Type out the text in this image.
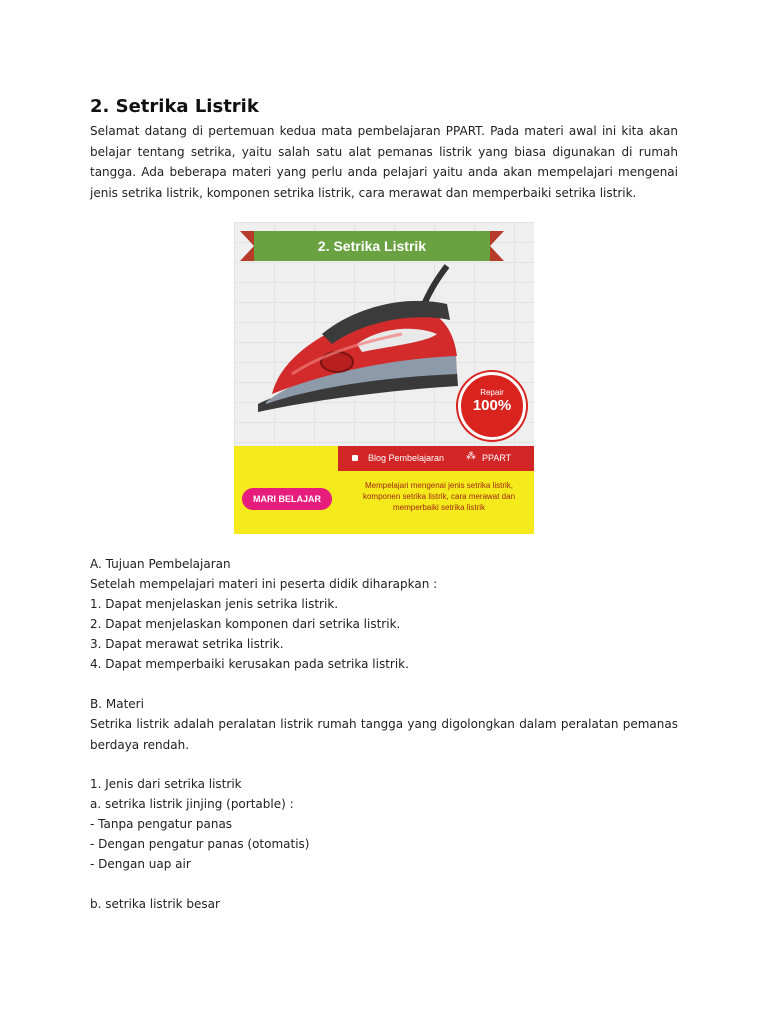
2. Setrika Listrik

Selamat datang di pertemuan kedua mata pembelajaran PPART. Pada materi awal ini kita akan belajar tentang setrika, yaitu salah satu alat pemanas listrik yang biasa digunakan di rumah tangga. Ada beberapa materi yang perlu anda pelajari yaitu anda akan mempelajari mengenai jenis setrika listrik, komponen setrika listrik, cara merawat dan memperbaiki setrika listrik.

2. Setrika Listrik
Repair
100%
Blog Pembelajaran ⁂ PPART
MARI BELAJAR
Mempelajari mengenai jenis setrika listrik, komponen setrika listrik, cara merawat dan memperbaiki setrika listrik

A. Tujuan Pembelajaran

Setelah mempelajari materi ini peserta didik diharapkan :

1. Dapat menjelaskan jenis setrika listrik.

2. Dapat menjelaskan komponen dari setrika listrik.

3. Dapat merawat setrika listrik.

4. Dapat memperbaiki kerusakan pada setrika listrik.

B. Materi

Setrika listrik adalah peralatan listrik rumah tangga yang digolongkan dalam peralatan pemanas berdaya rendah.

1. Jenis dari setrika listrik

a. setrika listrik jinjing (portable) :

- Tanpa pengatur panas

- Dengan pengatur panas (otomatis)

- Dengan uap air

b. setrika listrik besar
